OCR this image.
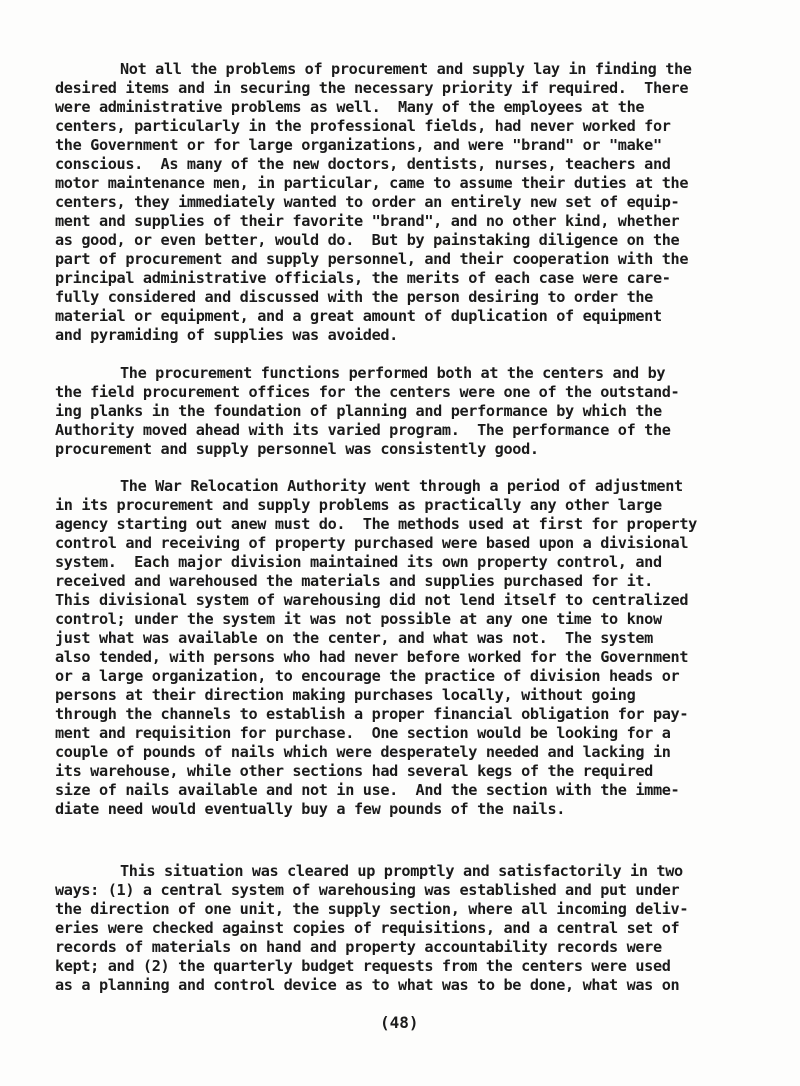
Not all the problems of procurement and supply lay in finding the
desired items and in securing the necessary priority if required.  There
were administrative problems as well.  Many of the employees at the
centers, particularly in the professional fields, had never worked for
the Government or for large organizations, and were "brand" or "make"
conscious.  As many of the new doctors, dentists, nurses, teachers and
motor maintenance men, in particular, came to assume their duties at the
centers, they immediately wanted to order an entirely new set of equip-
ment and supplies of their favorite "brand", and no other kind, whether
as good, or even better, would do.  But by painstaking diligence on the
part of procurement and supply personnel, and their cooperation with the
principal administrative officials, the merits of each case were care-
fully considered and discussed with the person desiring to order the
material or equipment, and a great amount of duplication of equipment
and pyramiding of supplies was avoided.
The procurement functions performed both at the centers and by
the field procurement offices for the centers were one of the outstand-
ing planks in the foundation of planning and performance by which the
Authority moved ahead with its varied program.  The performance of the
procurement and supply personnel was consistently good.
The War Relocation Authority went through a period of adjustment
in its procurement and supply problems as practically any other large
agency starting out anew must do.  The methods used at first for property
control and receiving of property purchased were based upon a divisional
system.  Each major division maintained its own property control, and
received and warehoused the materials and supplies purchased for it.
This divisional system of warehousing did not lend itself to centralized
control; under the system it was not possible at any one time to know
just what was available on the center, and what was not.  The system
also tended, with persons who had never before worked for the Government
or a large organization, to encourage the practice of division heads or
persons at their direction making purchases locally, without going
through the channels to establish a proper financial obligation for pay-
ment and requisition for purchase.  One section would be looking for a
couple of pounds of nails which were desperately needed and lacking in
its warehouse, while other sections had several kegs of the required
size of nails available and not in use.  And the section with the imme-
diate need would eventually buy a few pounds of the nails.
This situation was cleared up promptly and satisfactorily in two
ways: (1) a central system of warehousing was established and put under
the direction of one unit, the supply section, where all incoming deliv-
eries were checked against copies of requisitions, and a central set of
records of materials on hand and property accountability records were
kept; and (2) the quarterly budget requests from the centers were used
as a planning and control device as to what was to be done, what was on
(48)
